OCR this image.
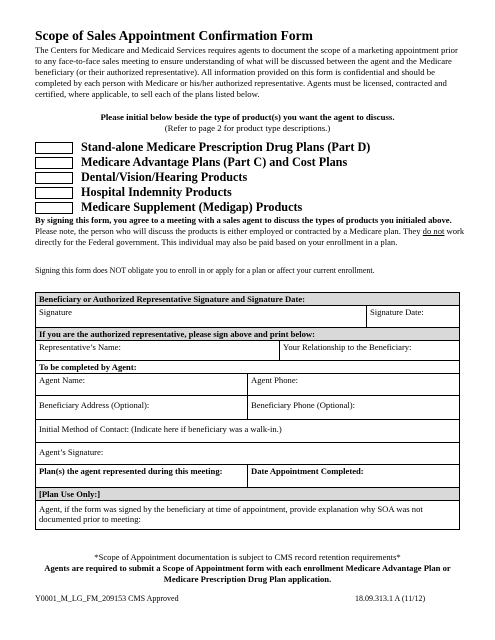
Scope of Sales Appointment Confirmation Form
The Centers for Medicare and Medicaid Services requires agents to document the scope of a marketing appointment prior to any face-to-face sales meeting to ensure understanding of what will be discussed between the agent and the Medicare beneficiary (or their authorized representative). All information provided on this form is confidential and should be completed by each person with Medicare or his/her authorized representative. Agents must be licensed, contracted and certified, where applicable, to sell each of the plans listed below.
Please initial below beside the type of product(s) you want the agent to discuss.
(Refer to page 2 for product type descriptions.)
Stand-alone Medicare Prescription Drug Plans (Part D)
Medicare Advantage Plans (Part C) and Cost Plans
Dental/Vision/Hearing Products
Hospital Indemnity Products
Medicare Supplement (Medigap) Products
By signing this form, you agree to a meeting with a sales agent to discuss the types of products you initialed above. Please note, the person who will discuss the products is either employed or contracted by a Medicare plan. They do not work directly for the Federal government. This individual may also be paid based on your enrollment in a plan.
Signing this form does NOT obligate you to enroll in or apply for a plan or affect your current enrollment.
Beneficiary or Authorized Representative Signature and Signature Date:
Signature	Signature Date:
If you are the authorized representative, please sign above and print below:
Representative’s Name:	Your Relationship to the Beneficiary:
To be completed by Agent:
Agent Name:	Agent Phone:
Beneficiary Address (Optional):	Beneficiary Phone (Optional):
Initial Method of Contact: (Indicate here if beneficiary was a walk-in.)
Agent’s Signature:
Plan(s) the agent represented during this meeting:	Date Appointment Completed:
[Plan Use Only:]
Agent, if the form was signed by the beneficiary at time of appointment, provide explanation why SOA was not documented prior to meeting:
*Scope of Appointment documentation is subject to CMS record retention requirements*
Agents are required to submit a Scope of Appointment form with each enrollment Medicare Advantage Plan or Medicare Prescription Drug Plan application.
Y0001_M_LG_FM_209153 CMS Approved	18.09.313.1 A (11/12)
